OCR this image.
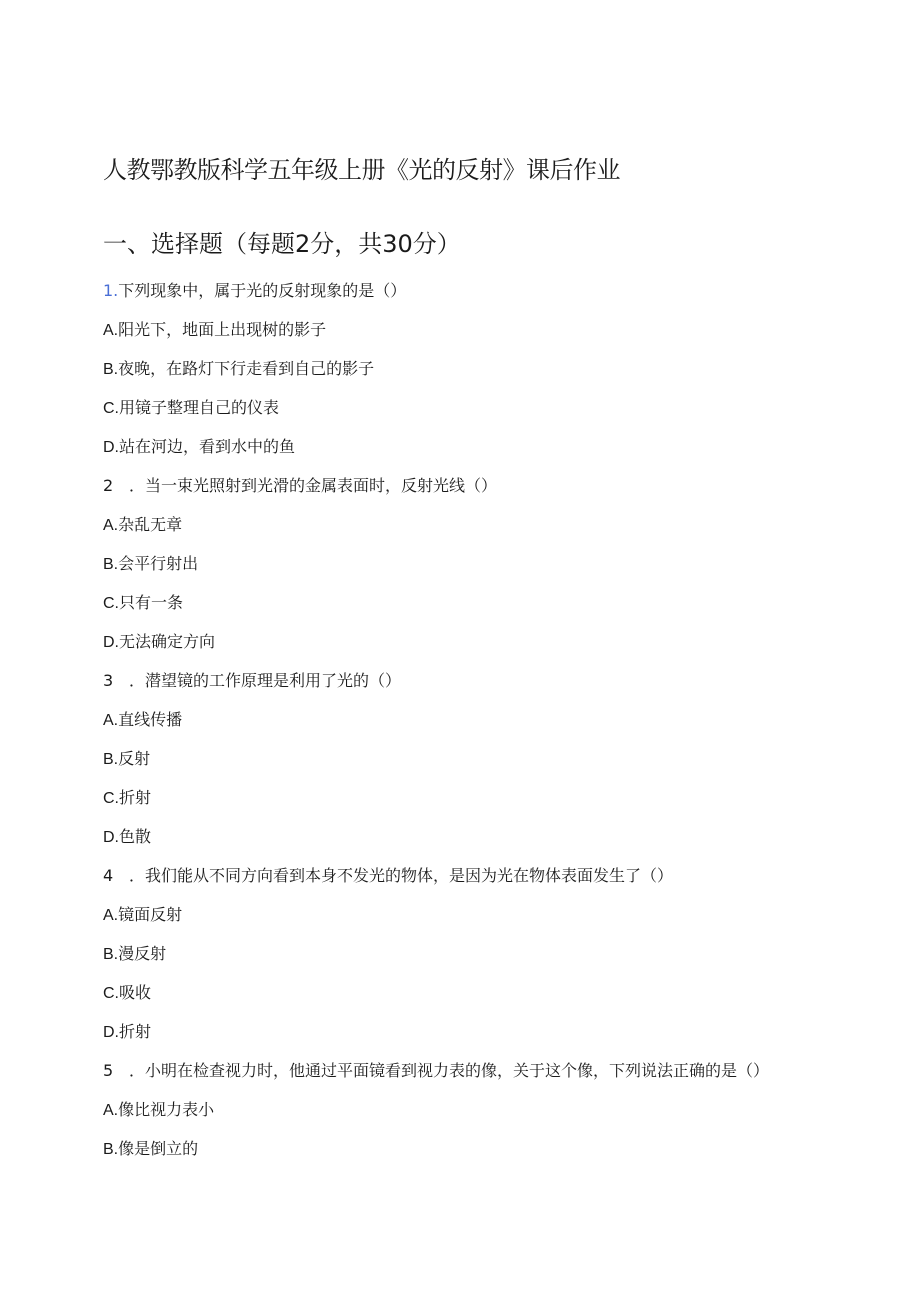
人教鄂教版科学五年级上册《光的反射》课后作业
一、选择题（每题2分，共30分）
1.下列现象中，属于光的反射现象的是（）
A.阳光下，地面上出现树的影子
B.夜晚，在路灯下行走看到自己的影子
C.用镜子整理自己的仪表
D.站在河边，看到水中的鱼
2 ．当一束光照射到光滑的金属表面时，反射光线（）
A.杂乱无章
B.会平行射出
C.只有一条
D.无法确定方向
3 ．潜望镜的工作原理是利用了光的（）
A.直线传播
B.反射
C.折射
D.色散
4 ．我们能从不同方向看到本身不发光的物体，是因为光在物体表面发生了（）
A.镜面反射
B.漫反射
C.吸收
D.折射
5 ．小明在检查视力时，他通过平面镜看到视力表的像，关于这个像，下列说法正确的是（）
A.像比视力表小
B.像是倒立的
